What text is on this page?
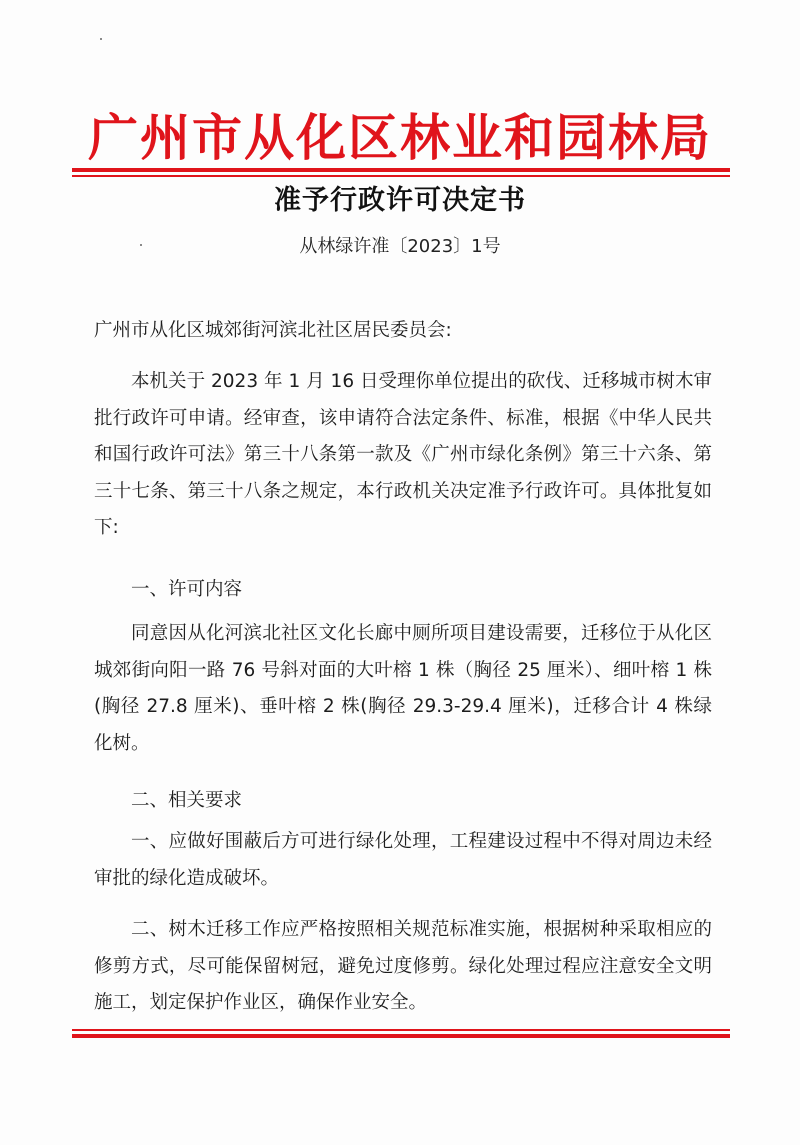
广州市从化区林业和园林局
准予行政许可决定书
从林绿许准〔2023〕1号
广州市从化区城郊街河滨北社区居民委员会:

本机关于 2023 年 1 月 16 日受理你单位提出的砍伐、迁移城市树木审批行政许可申请。经审查，该申请符合法定条件、标准，根据《中华人民共和国行政许可法》第三十八条第一款及《广州市绿化条例》第三十六条、第三十七条、第三十八条之规定，本行政机关决定准予行政许可。具体批复如下:

一、许可内容

同意因从化河滨北社区文化长廊中厕所项目建设需要，迁移位于从化区城郊街向阳一路 76 号斜对面的大叶榕 1 株（胸径 25 厘米）、细叶榕 1 株(胸径 27.8 厘米)、垂叶榕 2 株(胸径 29.3-29.4 厘米)，迁移合计 4 株绿化树。

二、相关要求

一、应做好围蔽后方可进行绿化处理，工程建设过程中不得对周边未经审批的绿化造成破坏。

二、树木迁移工作应严格按照相关规范标准实施，根据树种采取相应的修剪方式，尽可能保留树冠，避免过度修剪。绿化处理过程应注意安全文明施工，划定保护作业区，确保作业安全。
